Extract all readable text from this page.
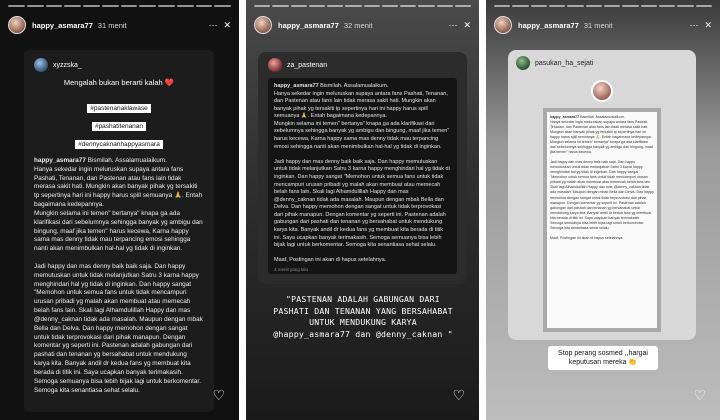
happy_asmara77 31 menit	⋯ ✕
xyzzska_
Mengalah bukan berarti kalah ❤️
#pastenanaklawase
#pashatitenanan
#dennycaknanhappyasmara
happy_asmara77 Bismilah. Assalamualaikum.
Hanya sekedar ingin meluruskan supaya antara fans Pashati, Tenanan, dan Pastenan atau fans lain tidak merasa sakit hati. Mungkin akan banyak pihak yg tersakiti tp sepertinya hari ini happy harus spill semuanya 🙏. Entah bagaimana kedepannya.
Mungkin selama ini temen" bertanya" knapa ga ada klarifikasi dari sebelumnya sehingga banyak yg ambigu dan bingung, maaf jika temen" harus kecewa, Karna happy sama mas denny tidak mau terpancing emosi sehingga nanti akan menimbulkan hal-hal yg tidak di inginkan.

Jadi happy dan mas denny baik baik saja. Dan happy memutuskan untuk tidak melanjutkan Satru 3 karna happy menghindari hal yg tidak di inginkan. Dan happy sangat "Memohon untuk semua fans untuk tidak mencampuri urusan pribadi yg malah akan membuat atau memecah belah fans lain. Skali lagi Alhamdulillah Happy dan mas @denny_caknan tidak ada masalah. Maupun dengan mbak Bella dan Delva. Dan happy memohon dengan sangat untuk tidak terprovokasi dari pihak manapun. Dengan komentar yg seperti ini. Pastenan adalah gabungan dari pashati dan tenanan yg bersahabat untuk mendukung karya kita. Banyak andil dr kedua fans yg membuat kita berada di titik ini. Saya ucapkan banyak terimakasih. Semoga semuanya bisa lebih bijak lagi untuk berkomentar. Semoga kita senantiasa sehat selalu.	♡
happy_asmara77 32 menit	⋯ ✕
za_pastenan
happy_asmara77 Bismilah. Assalamualaikum.
Hanya sekedar ingin meluruskan supaya antara fans Pashati, Tenanan, dan Pastenan atau fans lain tidak merasa sakit hati. Mungkin akan banyak pihak yg tersakiti tp sepertinya hari ini happy harus spill semuanya 🙏. Entah bagaimana kedepannya.
Mungkin selama ini temen" bertanya" knapa ga ada klarifikasi dari sebelumnya sehingga banyak yg ambigu dan bingung, maaf jika temen" harus kecewa, Karna happy sama mas denny tidak mau terpancing emosi sehingga nanti akan menimbulkan hal-hal yg tidak di inginkan.

Jadi happy dan mas denny baik baik saja. Dan happy memutuskan untuk tidak melanjutkan Satru 3 karna happy menghindari hal yg tidak di inginkan. Dan happy sangat "Memohon untuk semua fans untuk tidak mencampuri urusan pribadi yg malah akan membuat atau memecah belah fans lain. Skali lagi Alhamdulillah Happy dan mas @denny_caknan tidak ada masalah. Maupun dengan mbak Bella dan Delva. Dan happy memohon dengan sangat untuk tidak terprovokasi dari pihak manapun. Dengan komentar yg seperti ini. Pastenan adalah gabungan dari pashati dan tenanan yg bersahabat untuk mendukung karya kita. Banyak andil dr kedua fans yg membuat kita berada di titik ini. Saya ucapkan banyak terimakasih. Semoga semuanya bisa lebih bijak lagi untuk berkomentar. Semoga kita senantiasa sehat selalu.

Maaf, Postingan ini akan di hapus setelahnya.
4 menit yang lalu
"PASTENAN ADALAH GABUNGAN DARI PASHATI DAN TENANAN YANG BERSAHABAT UNTUK MENDUKUNG KARYA @happy_asmara77 dan @denny_caknan "
♡
happy_asmara77 31 menit	⋯ ✕
pasukan_ha_sejati
happy_asmara77 Bismilah. Assalamualaikum.
Hanya sekedar ingin meluruskan supaya antara fans Pashati, Tenanan, dan Pastenan atau fans lain tidak merasa sakit hati. Mungkin akan banyak pihak yg tersakiti tp sepertinya hari ini happy harus spill semuanya 🙏. Entah bagaimana kedepannya.
Mungkin selama ini temen" bertanya" knapa ga ada klarifikasi dari sebelumnya sehingga banyak yg ambigu dan bingung, maaf jika temen" harus kecewa.

Jadi happy dan mas denny baik baik saja. Dan happy memutuskan untuk tidak melanjutkan Satru 3 karna happy menghindari hal yg tidak di inginkan. Dan happy sangat "Memohon untuk semua fans untuk tidak mencampuri urusan pribadi yg malah akan membuat atau memecah belah fans lain. Skali lagi Alhamdulillah Happy dan mas @denny_caknan tidak ada masalah. Maupun dengan mbak Bella dan Delva. Dan happy memohon dengan sangat untuk tidak terprovokasi dari pihak manapun. Dengan komentar yg seperti ini. Pastenan adalah gabungan dari pashati dan tenanan yg bersahabat untuk mendukung karya kita. Banyak andil dr kedua fans yg membuat kita berada di titik ini. Saya ucapkan banyak terimakasih. Semoga semuanya bisa lebih bijak lagi untuk berkomentar. Semoga kita senantiasa sehat selalu.

Maaf, Postingan ini akan di hapus setelahnya.
Stop perang sosmed ,,hargai keputusan mereka 👏
♡
